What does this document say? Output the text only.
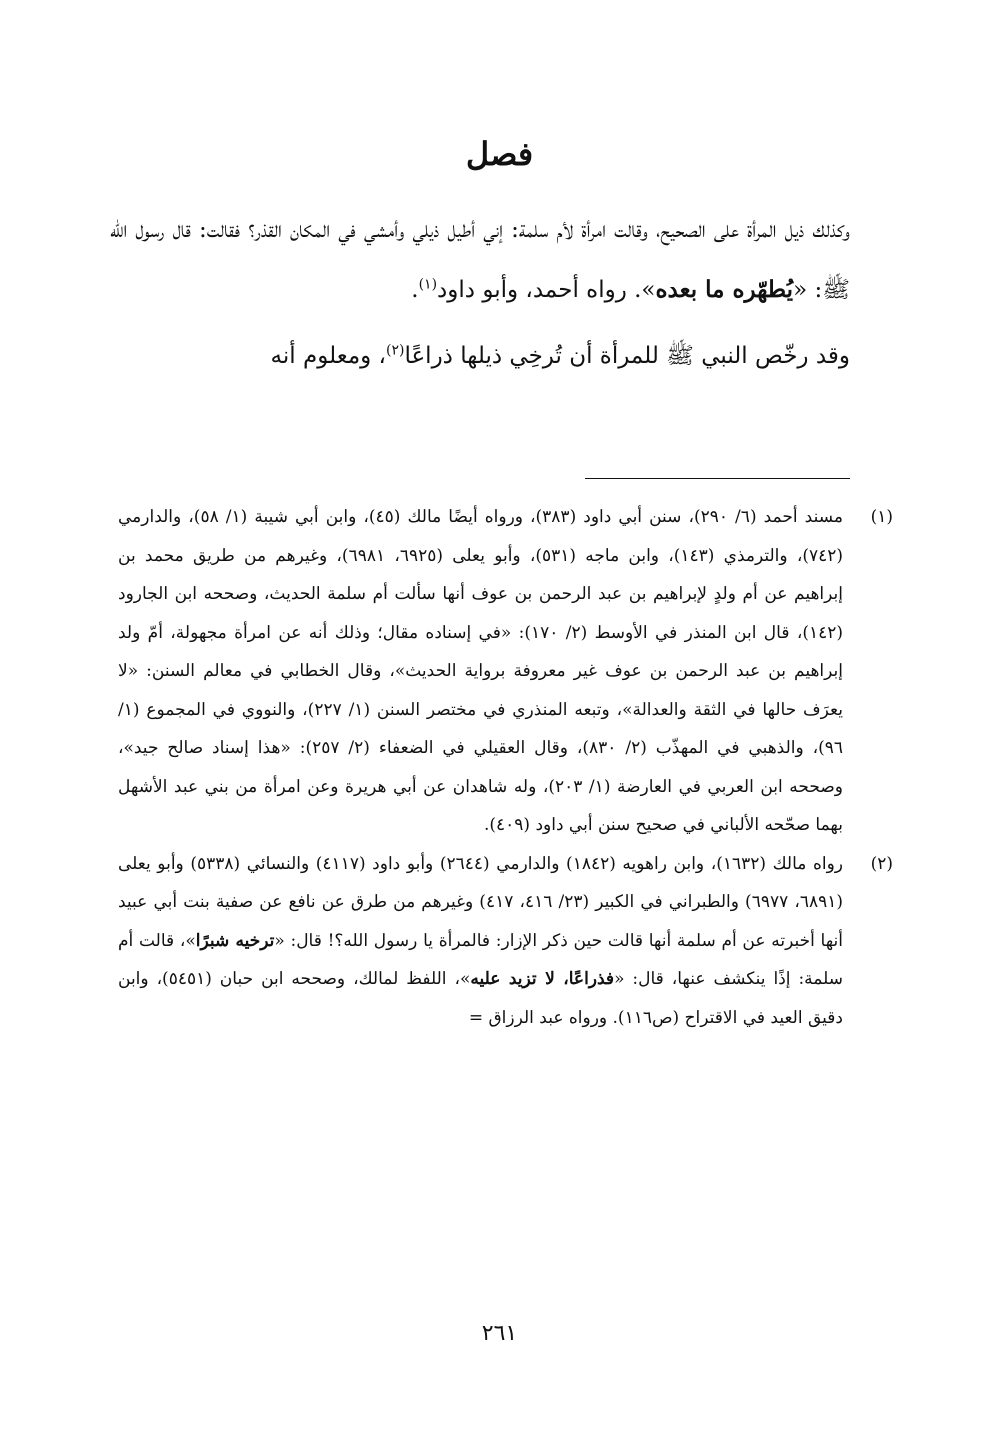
فصل

وكذلك ذيل المرأة على الصحيح، وقالت امرأة لأم سلمة: إني أطيل ذيلي وأمشي في المكان القذر؟ فقالت: قال رسول الله ﷺ: «يُطهّره ما بعده». رواه أحمد، وأبو داود$^{(١)}$.

وقد رخّص النبي ﷺ للمرأة أن تُرخِي ذيلها ذراعًا$^{(٢)}$، ومعلوم أنه

(١)
مسند أحمد (٦/ ٢٩٠)، سنن أبي داود (٣٨٣)، ورواه أيضًا مالك (٤٥)، وابن أبي شيبة (١/ ٥٨)، والدارمي (٧٤٢)، والترمذي (١٤٣)، وابن ماجه (٥٣١)، وأبو يعلى (٦٩٢٥، ٦٩٨١)، وغيرهم من طريق محمد بن إبراهيم عن أم ولدٍ لإبراهيم بن عبد الرحمن بن عوف أنها سألت أم سلمة الحديث، وصححه ابن الجارود (١٤٢)، قال ابن المنذر في الأوسط (٢/ ١٧٠): «في إسناده مقال؛ وذلك أنه عن امرأة مجهولة، أمّ ولد إبراهيم بن عبد الرحمن بن عوف غير معروفة برواية الحديث»، وقال الخطابي في معالم السنن: «لا يعرَف حالها في الثقة والعدالة»، وتبعه المنذري في مختصر السنن (١/ ٢٢٧)، والنووي في المجموع (١/ ٩٦)، والذهبي في المهذّب (٢/ ٨٣٠)، وقال العقيلي في الضعفاء (٢/ ٢٥٧): «هذا إسناد صالح جيد»، وصححه ابن العربي في العارضة (١/ ٢٠٣)، وله شاهدان عن أبي هريرة وعن امرأة من بني عبد الأشهل بهما صحّحه الألباني في صحيح سنن أبي داود (٤٠٩).
(٢)
رواه مالك (١٦٣٢)، وابن راهويه (١٨٤٢) والدارمي (٢٦٤٤) وأبو داود (٤١١٧) والنسائي (٥٣٣٨) وأبو يعلى (٦٨٩١، ٦٩٧٧) والطبراني في الكبير (٢٣/ ٤١٦، ٤١٧) وغيرهم من طرق عن نافع عن صفية بنت أبي عبيد أنها أخبرته عن أم سلمة أنها قالت حين ذكر الإزار: فالمرأة يا رسول الله؟! قال: «ترخيه شبرًا»، قالت أم سلمة: إذًا ينكشف عنها، قال: «فذراعًا، لا تزيد عليه»، اللفظ لمالك، وصححه ابن حبان (٥٤٥١)، وابن دقيق العيد في الاقتراح (ص١١٦). ورواه عبد الرزاق =
٢٦١
